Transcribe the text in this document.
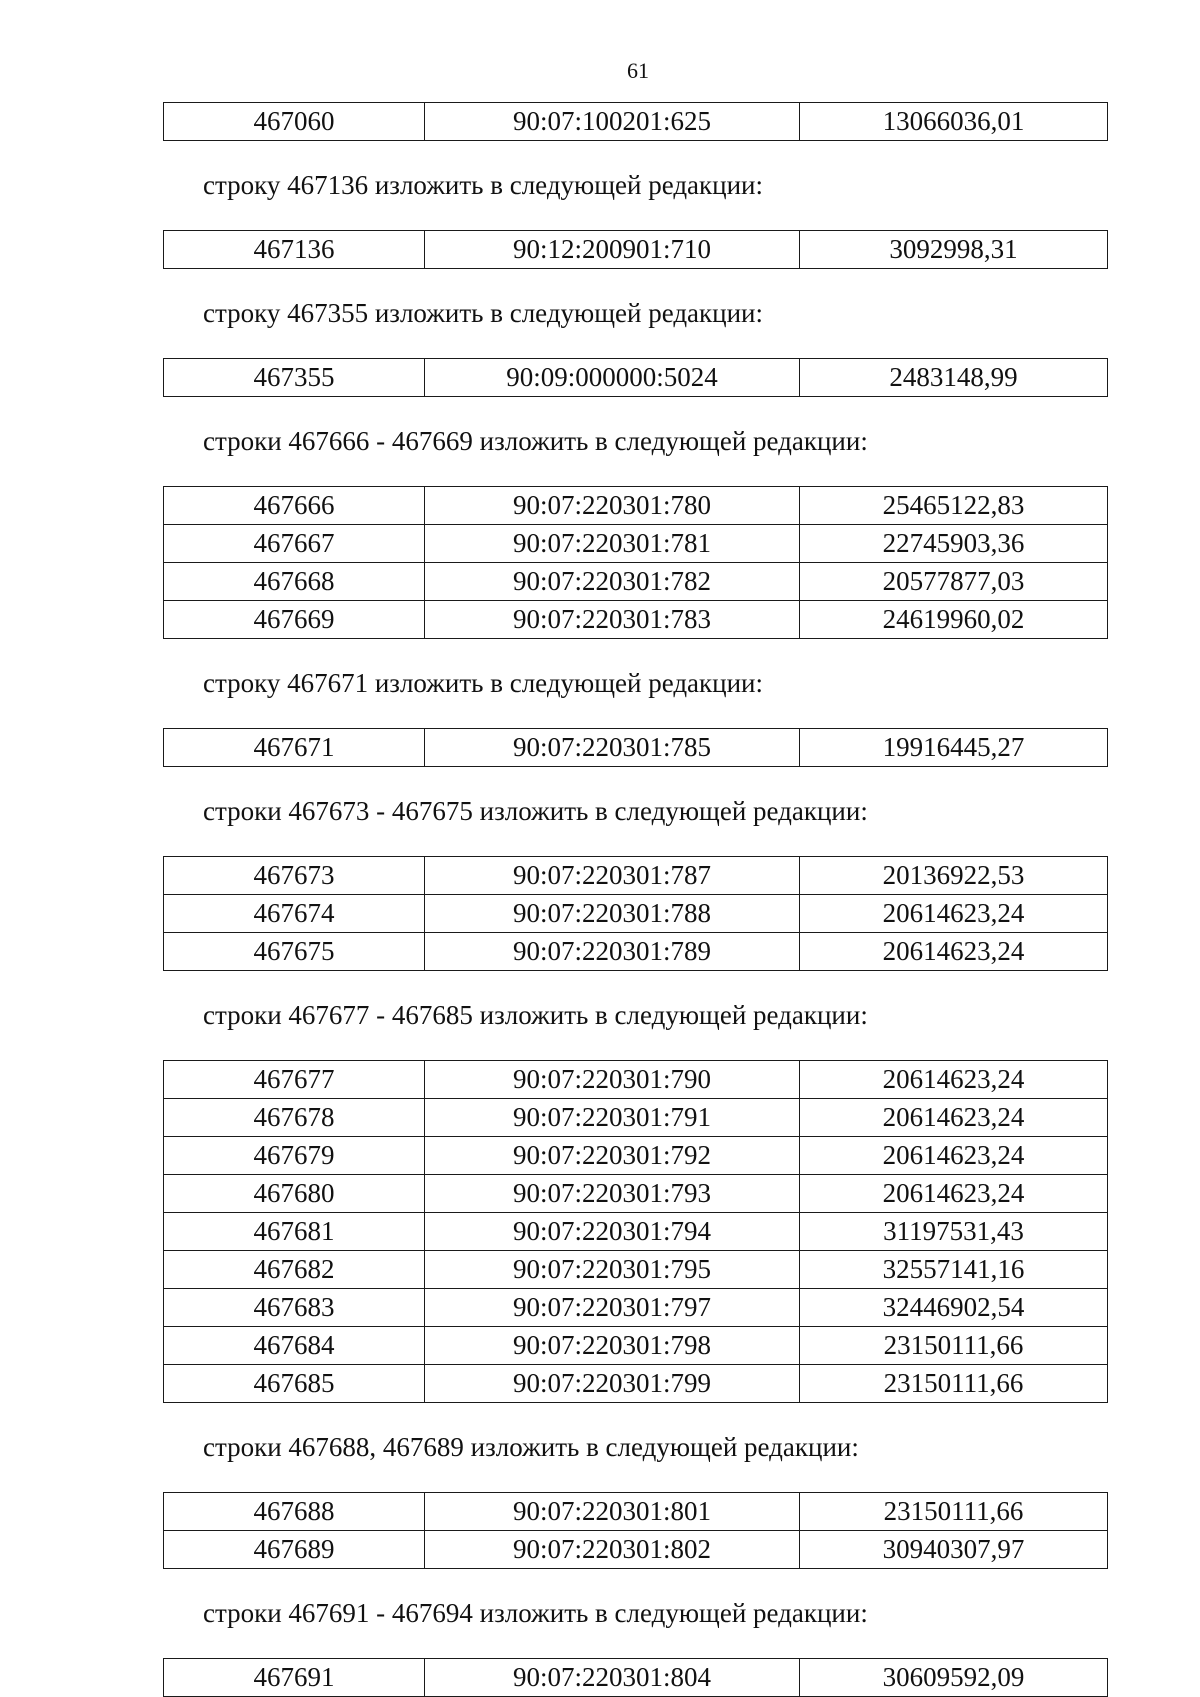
61
467060	90:07:100201:625	13066036,01
строку 467136 изложить в следующей редакции:
467136	90:12:200901:710	3092998,31
строку 467355 изложить в следующей редакции:
467355	90:09:000000:5024	2483148,99
строки 467666 - 467669 изложить в следующей редакции:
467666	90:07:220301:780	25465122,83
467667	90:07:220301:781	22745903,36
467668	90:07:220301:782	20577877,03
467669	90:07:220301:783	24619960,02
строку 467671 изложить в следующей редакции:
467671	90:07:220301:785	19916445,27
строки 467673 - 467675 изложить в следующей редакции:
467673	90:07:220301:787	20136922,53
467674	90:07:220301:788	20614623,24
467675	90:07:220301:789	20614623,24
строки 467677 - 467685 изложить в следующей редакции:
467677	90:07:220301:790	20614623,24
467678	90:07:220301:791	20614623,24
467679	90:07:220301:792	20614623,24
467680	90:07:220301:793	20614623,24
467681	90:07:220301:794	31197531,43
467682	90:07:220301:795	32557141,16
467683	90:07:220301:797	32446902,54
467684	90:07:220301:798	23150111,66
467685	90:07:220301:799	23150111,66
строки 467688, 467689 изложить в следующей редакции:
467688	90:07:220301:801	23150111,66
467689	90:07:220301:802	30940307,97
строки 467691 - 467694 изложить в следующей редакции:
467691	90:07:220301:804	30609592,09
